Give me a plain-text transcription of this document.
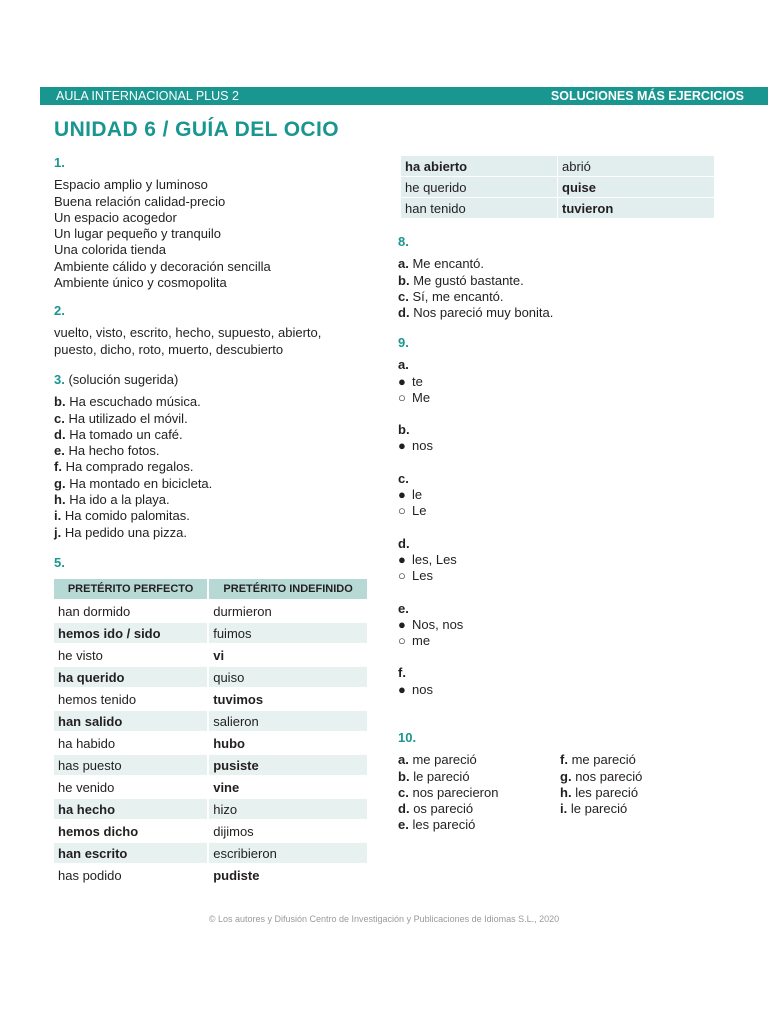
AULA INTERNACIONAL PLUS 2	SOLUCIONES MÁS EJERCICIOS
UNIDAD 6 / GUÍA DEL OCIO
1.
Espacio amplio y luminoso
Buena relación calidad-precio
Un espacio acogedor
Un lugar pequeño y tranquilo
Una colorida tienda
Ambiente cálido y decoración sencilla
Ambiente único y cosmopolita
2.
vuelto, visto, escrito, hecho, supuesto, abierto,
puesto, dicho, roto, muerto, descubierto
3. (solución sugerida)
b. Ha escuchado música.
c. Ha utilizado el móvil.
d. Ha tomado un café.
e. Ha hecho fotos.
f. Ha comprado regalos.
g. Ha montado en bicicleta.
h. Ha ido a la playa.
i. Ha comido palomitas.
j. Ha pedido una pizza.
5.
PRETÉRITO PERFECTO	PRETÉRITO INDEFINIDO
han dormido	durmieron
hemos ido / sido	fuimos
he visto	vi
ha querido	quiso
hemos tenido	tuvimos
han salido	salieron
ha habido	hubo
has puesto	pusiste
he venido	vine
ha hecho	hizo
hemos dicho	dijimos
han escrito	escribieron
has podido	pudiste
ha abierto	abrió
he querido	quise
han tenido	tuvieron
8.
a. Me encantó.
b. Me gustó bastante.
c. Sí, me encantó.
d. Nos pareció muy bonita.
9.
a.
● te
○ Me
b.
● nos
c.
● le
○ Le
d.
● les, Les
○ Les
e.
● Nos, nos
○ me
f.
● nos
10.
a. me pareció
b. le pareció
c. nos parecieron
d. os pareció
e. les pareció
f. me pareció
g. nos pareció
h. les pareció
i. le pareció
© Los autores y Difusión Centro de Investigación y Publicaciones de Idiomas S.L., 2020
